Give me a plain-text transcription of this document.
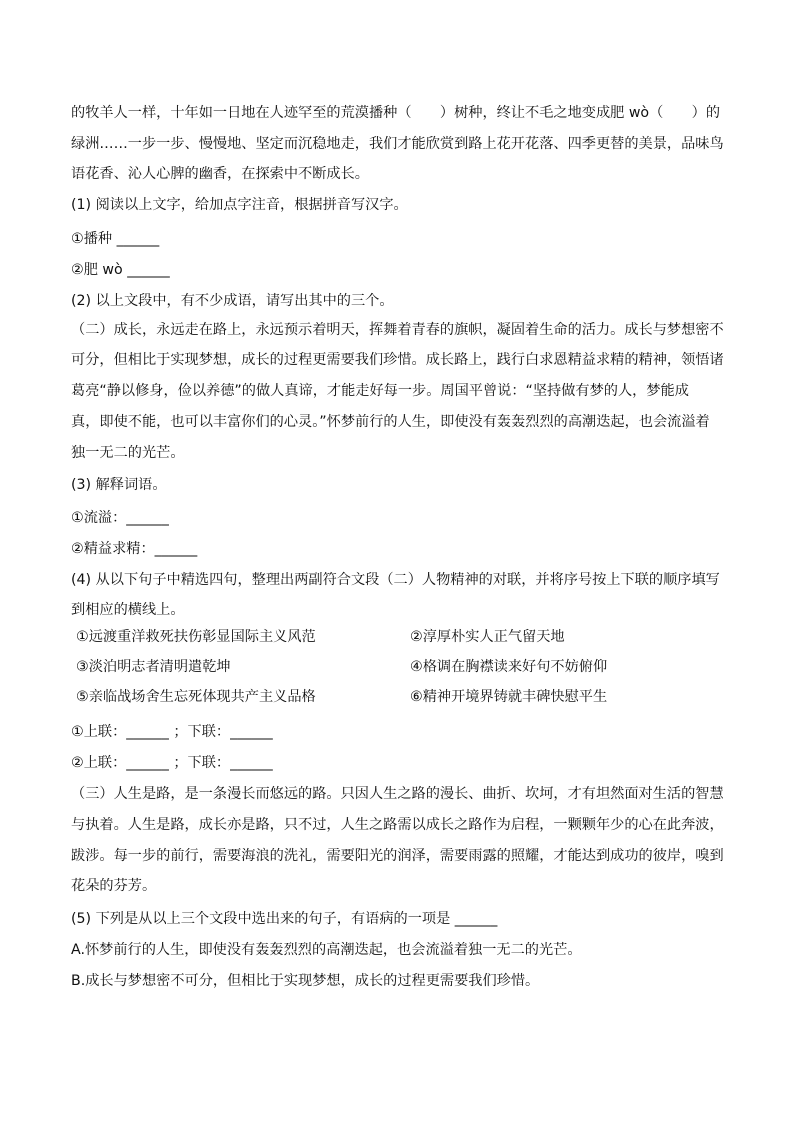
的牧羊人一样，十年如一日地在人迹罕至的荒漠播种（　　）树种，终让不毛之地变成肥 wò（　　）的
绿洲……一步一步、慢慢地、坚定而沉稳地走，我们才能欣赏到路上花开花落、四季更替的美景，品味鸟
语花香、沁人心脾的幽香，在探索中不断成长。
(1) 阅读以上文字，给加点字注音，根据拼音写汉字。
①播种 ______
②肥 wò ______
(2) 以上文段中，有不少成语，请写出其中的三个。
（二）成长，永远走在路上，永远预示着明天，挥舞着青春的旗帜，凝固着生命的活力。成长与梦想密不
可分，但相比于实现梦想，成长的过程更需要我们珍惜。成长路上，践行白求恩精益求精的精神，领悟诸
葛亮“静以修身，俭以养德”的做人真谛，才能走好每一步。周国平曾说：“坚持做有梦的人，梦能成
真，即使不能，也可以丰富你们的心灵。”怀梦前行的人生，即使没有轰轰烈烈的高潮迭起，也会流溢着
独一无二的光芒。
(3) 解释词语。
①流溢：______
②精益求精：______
(4) 从以下句子中精选四句，整理出两副符合文段（二）人物精神的对联，并将序号按上下联的顺序填写
到相应的横线上。
①远渡重洋救死扶伤彰显国际主义风范	②淳厚朴实人正气留天地
③淡泊明志者清明遣乾坤	④格调在胸襟读来好句不妨俯仰
⑤亲临战场舍生忘死体现共产主义品格	⑥精神开境界铸就丰碑快慰平生
①上联：______ ；下联：______
②上联：______ ；下联：______
（三）人生是路，是一条漫长而悠远的路。只因人生之路的漫长、曲折、坎坷，才有坦然面对生活的智慧
与执着。人生是路，成长亦是路，只不过，人生之路需以成长之路作为启程，一颗颗年少的心在此奔波，
跋涉。每一步的前行，需要海浪的洗礼，需要阳光的润泽，需要雨露的照耀，才能达到成功的彼岸，嗅到
花朵的芬芳。
(5) 下列是从以上三个文段中选出来的句子，有语病的一项是 ______
A.怀梦前行的人生，即使没有轰轰烈烈的高潮迭起，也会流溢着独一无二的光芒。
B.成长与梦想密不可分，但相比于实现梦想，成长的过程更需要我们珍惜。
